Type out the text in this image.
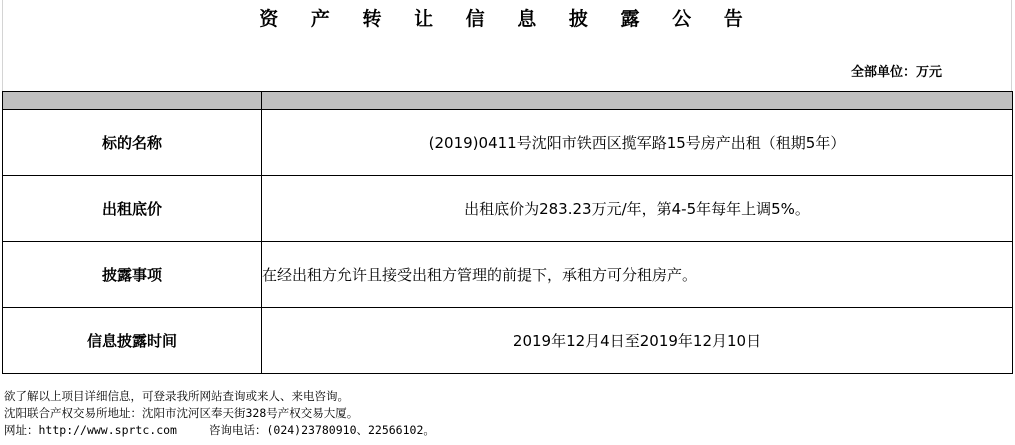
资 产 转 让 信 息 披 露 公 告
全部单位：万元

标的名称	(2019)0411号沈阳市铁西区揽军路15号房产出租（租期5年）
出租底价	出租底价为283.23万元/年，第4-5年每年上调5%。
披露事项	在经出租方允许且接受出租方管理的前提下，承租方可分租房产。

信息披露时间	2019年12月4日至2019年12月10日
欲了解以上项目详细信息，可登录我所网站查询或来人、来电咨询。
沈阳联合产权交易所地址：沈阳市沈河区奉天街328号产权交易大厦。
网址：http://www.sprtc.com	咨询电话：(024)23780910、22566102。
